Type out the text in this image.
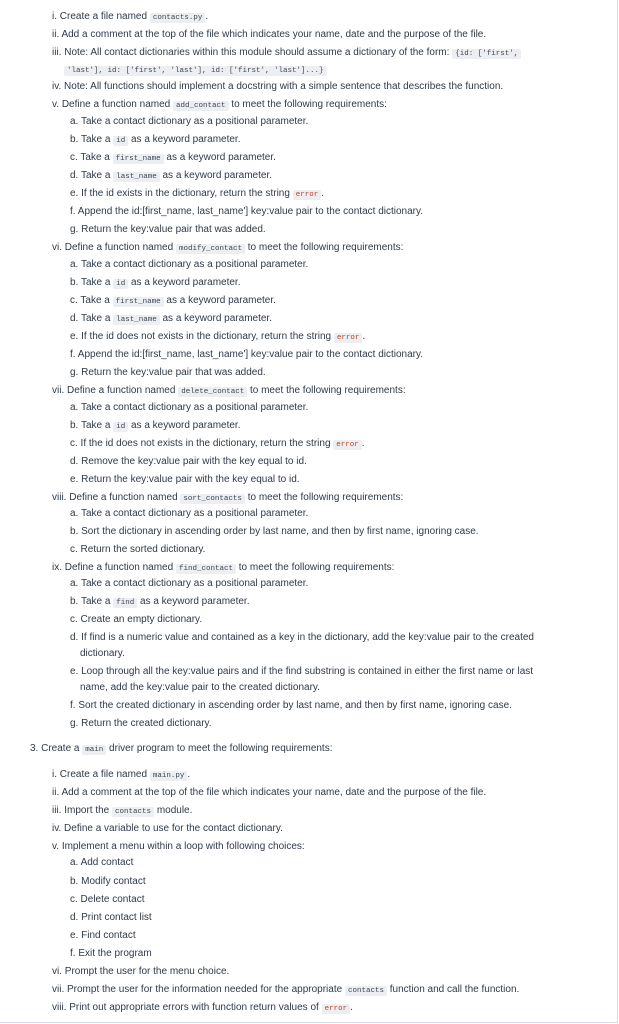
i. Create a file named contacts.py .
ii. Add a comment at the top of the file which indicates your name, date and the purpose of the file.
iii. Note: All contact dictionaries within this module should assume a dictionary of the form: {id: ['first',
'last'], id: ['first', 'last'], id: ['first', 'last']...}
iv. Note: All functions should implement a docstring with a simple sentence that describes the function.
v. Define a function named add_contact to meet the following requirements:
a. Take a contact dictionary as a positional parameter.
b. Take a id as a keyword parameter.
c. Take a first_name as a keyword parameter.
d. Take a last_name as a keyword parameter.
e. If the id exists in the dictionary, return the string error .
f. Append the id:[first_name, last_name'] key:value pair to the contact dictionary.
g. Return the key:value pair that was added.
vi. Define a function named modify_contact to meet the following requirements:
a. Take a contact dictionary as a positional parameter.
b. Take a id as a keyword parameter.
c. Take a first_name as a keyword parameter.
d. Take a last_name as a keyword parameter.
e. If the id does not exists in the dictionary, return the string error .
f. Append the id:[first_name, last_name'] key:value pair to the contact dictionary.
g. Return the key:value pair that was added.
vii. Define a function named delete_contact to meet the following requirements:
a. Take a contact dictionary as a positional parameter.
b. Take a id as a keyword parameter.
c. If the id does not exists in the dictionary, return the string error .
d. Remove the key:value pair with the key equal to id.
e. Return the key:value pair with the key equal to id.
viii. Define a function named sort_contacts to meet the following requirements:
a. Take a contact dictionary as a positional parameter.
b. Sort the dictionary in ascending order by last name, and then by first name, ignoring case.
c. Return the sorted dictionary.
ix. Define a function named find_contact to meet the following requirements:
a. Take a contact dictionary as a positional parameter.
b. Take a find as a keyword parameter.
c. Create an empty dictionary.
d. If find is a numeric value and contained as a key in the dictionary, add the key:value pair to the created
dictionary.
e. Loop through all the key:value pairs and if the find substring is contained in either the first name or last
name, add the key:value pair to the created dictionary.
f. Sort the created dictionary in ascending order by last name, and then by first name, ignoring case.
g. Return the created dictionary.
3. Create a main driver program to meet the following requirements:
i. Create a file named main.py .
ii. Add a comment at the top of the file which indicates your name, date and the purpose of the file.
iii. Import the contacts module.
iv. Define a variable to use for the contact dictionary.
v. Implement a menu within a loop with following choices:
a. Add contact
b. Modify contact
c. Delete contact
d. Print contact list
e. Find contact
f. Exit the program
vi. Prompt the user for the menu choice.
vii. Prompt the user for the information needed for the appropriate contacts function and call the function.
viii. Print out appropriate errors with function return values of error .
